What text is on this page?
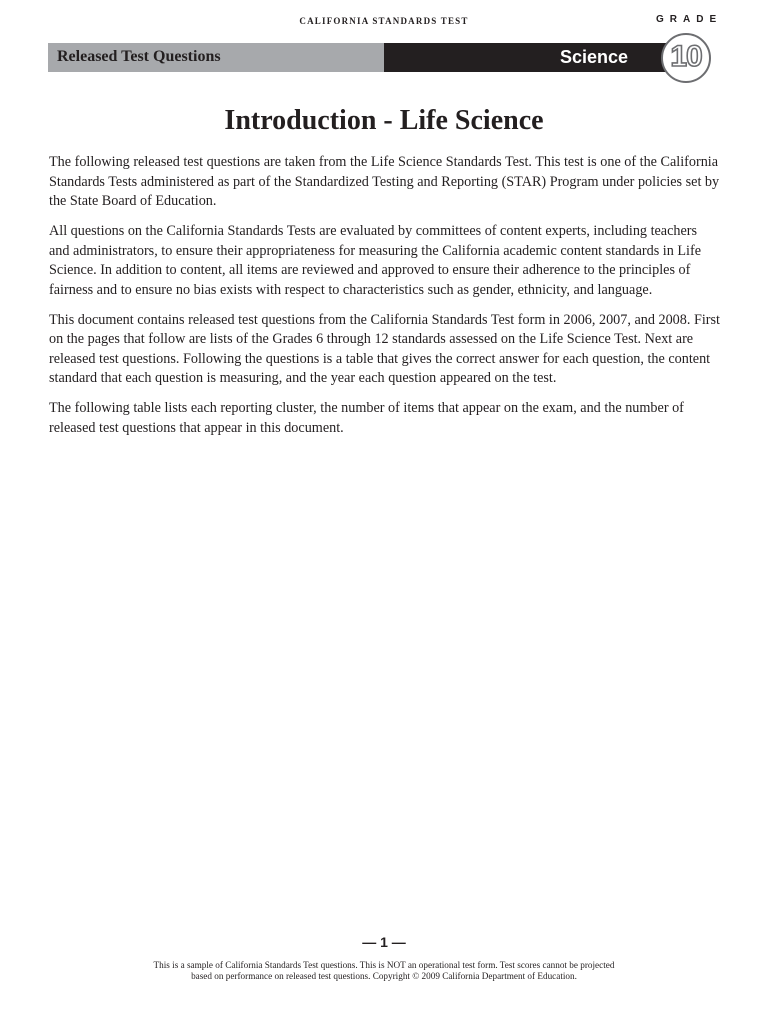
CALIFORNIA STANDARDS TEST	GRADE
Released Test Questions	Science 10
Introduction - Life Science

The following released test questions are taken from the Life Science Standards Test. This test is one of the California Standards Tests administered as part of the Standardized Testing and Reporting (STAR) Program under policies set by the State Board of Education.

All questions on the California Standards Tests are evaluated by committees of content experts, including teachers and administrators, to ensure their appropriateness for measuring the California academic content standards in Life Science. In addition to content, all items are reviewed and approved to ensure their adherence to the principles of fairness and to ensure no bias exists with respect to characteristics such as gender, ethnicity, and language.

This document contains released test questions from the California Standards Test form in 2006, 2007, and 2008. First on the pages that follow are lists of the Grades 6 through 12 standards assessed on the Life Science Test. Next are released test questions. Following the questions is a table that gives the correct answer for each question, the content standard that each question is measuring, and the year each question appeared on the test.

The following table lists each reporting cluster, the number of items that appear on the exam, and the number of released test questions that appear in this document.

— 1 —
This is a sample of California Standards Test questions. This is NOT an operational test form. Test scores cannot be projected
based on performance on released test questions. Copyright © 2009 California Department of Education.
